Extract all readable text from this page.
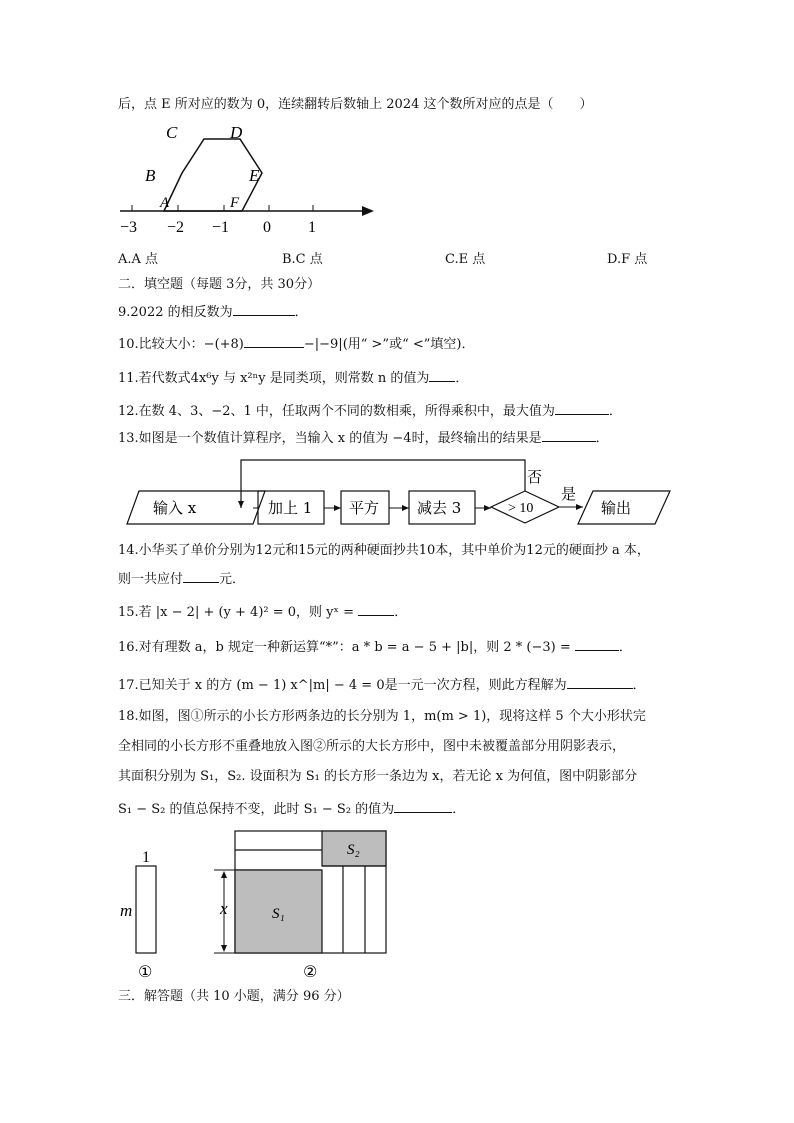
后，点 E 所对应的数为 0，连续翻转后数轴上 2024 这个数所对应的点是（　　）
C	D
B	E
A	F
−3 −2 −1 0 1
A.A 点	B.C 点	C.E 点	D.F 点
二．填空题（每题 3分，共 30分）
9.2022 的相反数为	．
10.比较大小：−(+8)	−|−9|(用“ >”或“ <”填空)．
11.若代数式4x⁶y 与 x²ⁿy 是同类项，则常数 n 的值为 ．
12.在数 4、3、−2、1 中，任取两个不同的数相乘，所得乘积中，最大值为	．
13.如图是一个数值计算程序，当输入 x 的值为 −4时，最终输出的结果是	．
输入 x	加上 1 平方	减去 3	> 10
是
否
输出
14.小华买了单价分别为12元和15元的两种硬面抄共10本，其中单价为12元的硬面抄 a 本，
则一共应付	元．
15.若 |x − 2| + (y + 4)² = 0，则 yˣ =	．
16.对有理数 a，b 规定一种新运算“*”：a * b = a − 5 + |b|，则 2 * (−3) =	．
17.已知关于 x 的方 (m − 1) x^|m| − 4 = 0是一元一次方程，则此方程解为	．
18.如图，图①所示的小长方形两条边的长分别为 1，m(m > 1)，现将这样 5 个大小形状完
全相同的小长方形不重叠地放入图②所示的大长方形中，图中未被覆盖部分用阴影表示，
其面积分别为 S₁，S₂. 设面积为 S₁ 的长方形一条边为 x，若无论 x 为何值，图中阴影部分
S₁ − S₂ 的值总保持不变，此时 S₁ − S₂ 的值为	．
1
m	x	S₁
S₂
①	②
三．解答题（共 10 小题，满分 96 分）
